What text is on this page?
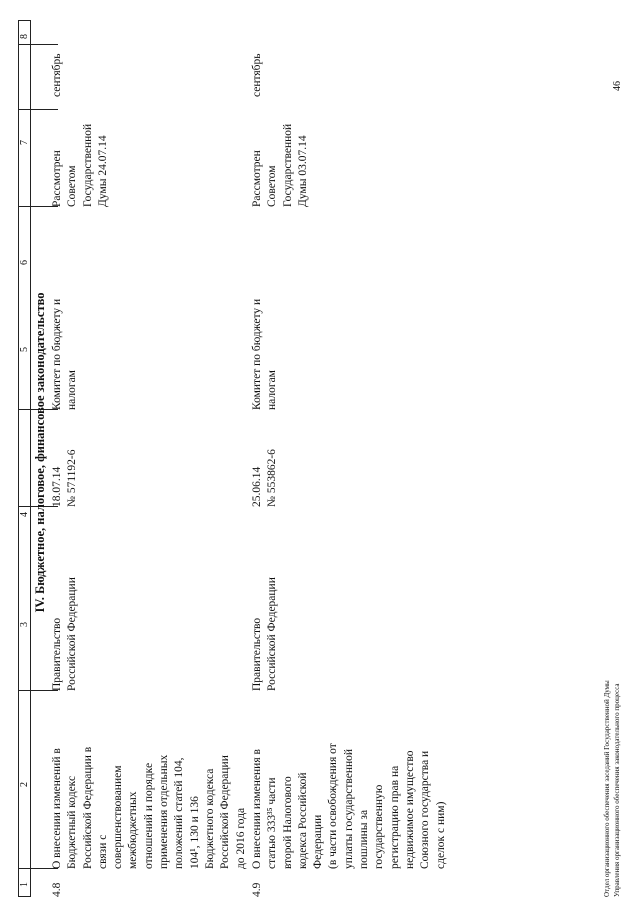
1
2
3
4
5
6
7
8
IV. Бюджетное, налоговое, финансовое законодательство
4.8
О внесении изменений в Бюджетный кодекс Российской Федерации в связи с совершенствованием межбюджетных отношений и порядке применения отдельных положений статей 104, 104¹, 130 и 136 Бюджетного кодекса Российской Федерации до 2016 года
Правительство Российской Федерации
18.07.14 № 571192-6
Комитет по бюджету и налогам
Рассмотрен Советом Государственной Думы 24.07.14
сентябрь
4.9
О внесении изменения в статью 333³⁵ части второй Налогового кодекса Российской Федерации (в части освобождения от уплаты государственной пошлины за государственную регистрацию прав на недвижимое имущество Союзного государства и сделок с ним)
Правительство Российской Федерации
25.06.14 № 553862-6
Комитет по бюджету и налогам
Рассмотрен Советом Государственной Думы 03.07.14
сентябрь
Отдел организационного обеспечения заседаний Государственной Думы Управления организационного обеспечения законодательного процесса
46
